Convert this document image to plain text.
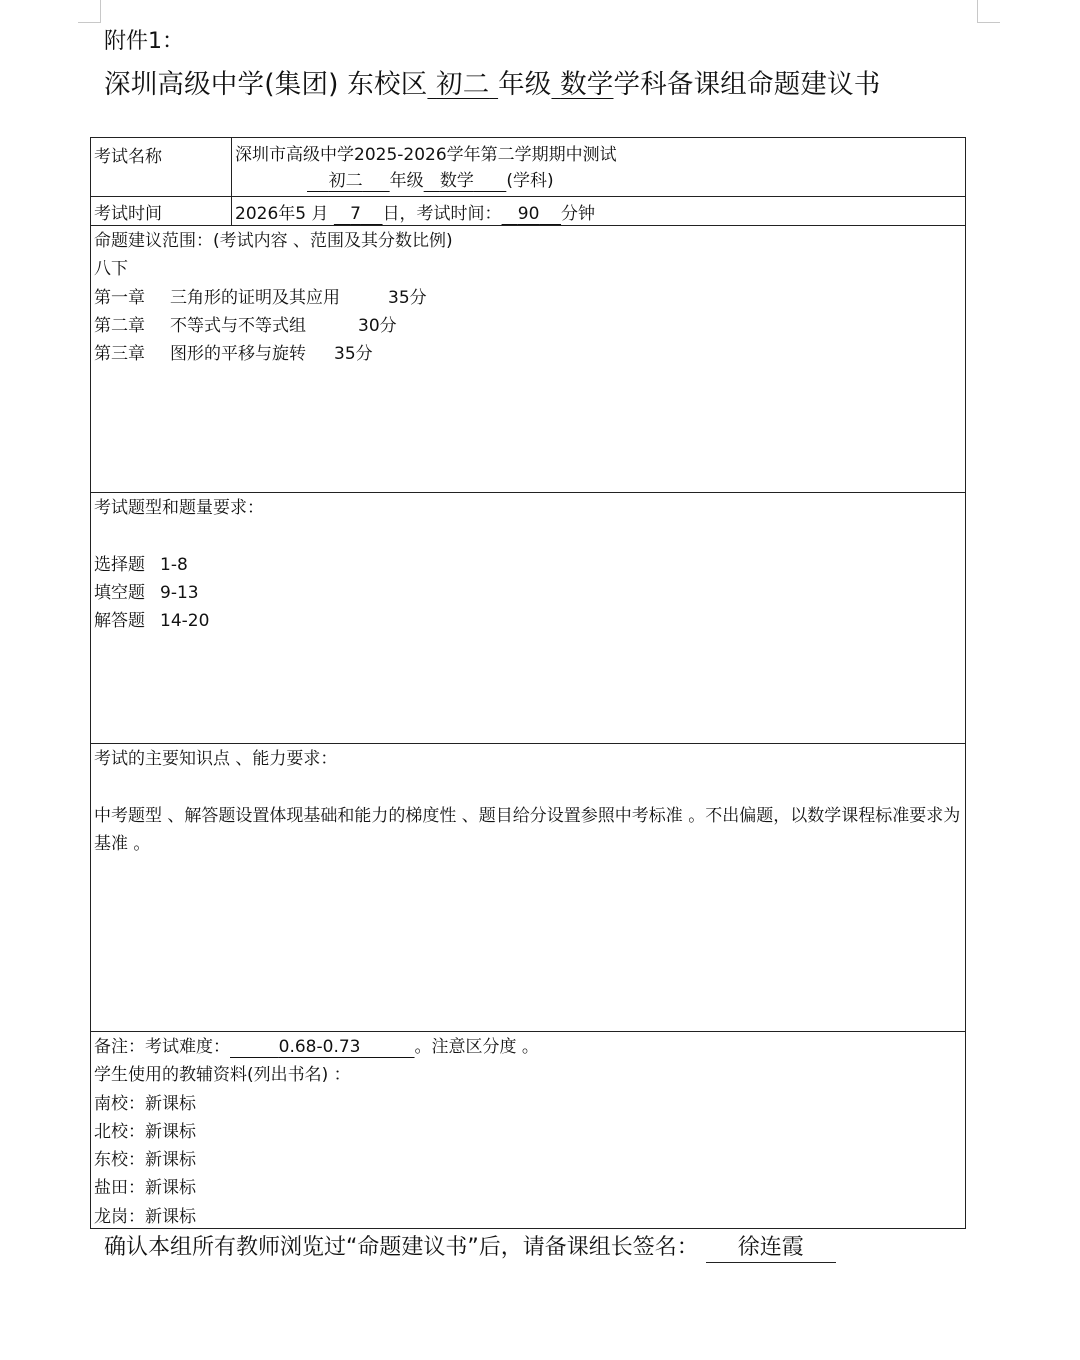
附件1：
深圳高级中学(集团) 东校区 初二 年级 数学学科备课组命题建议书
考试名称	深圳市高级中学2025-2026学年第二学期期中测试
初二 年级 数学 (学科)
考试时间	2026年5 月 7 日，考试时间： 90 分钟
命题建议范围：(考试内容 、范围及其分数比例)
八下
第一章 三角形的证明及其应用	35分
第二章 不等式与不等式组	30分
第三章 图形的平移与旋转 35分
考试题型和题量要求：
选择题 1-8
填空题 9-13
解答题 14-20
考试的主要知识点 、能力要求：
中考题型 、解答题设置体现基础和能力的梯度性 、题目给分设置参照中考标准 。不出偏题，以数学课程标准要求为基准 。
备注：考试难度：	0.68-0.73	。注意区分度 。
学生使用的教辅资料(列出书名) ：
南校：新课标
北校：新课标
东校：新课标
盐田：新课标
龙岗：新课标
确认本组所有教师浏览过“命题建议书”后，请备课组长签名： 徐连霞
